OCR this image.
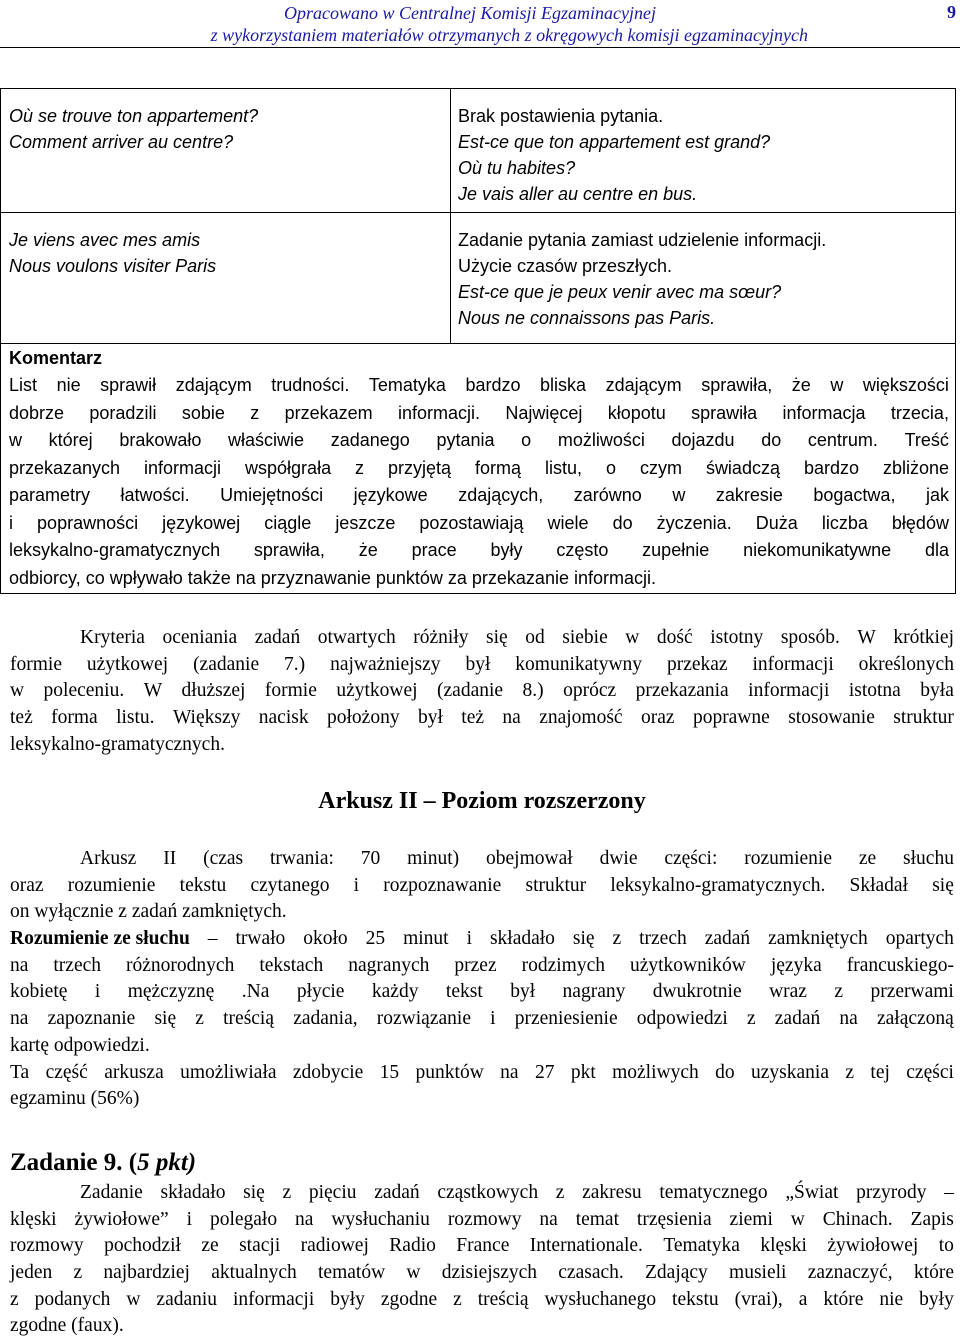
Opracowano w Centralnej Komisji Egzaminacyjnej
z wykorzystaniem materiałów otrzymanych z okręgowych komisji egzaminacyjnych
9
Où se trouve ton appartement?
Comment arriver au centre?
Brak postawienia pytania.
Est-ce que ton appartement est grand?
Où tu habites?
Je vais aller au centre en bus.
Je viens avec mes amis
Nous voulons visiter Paris
Zadanie pytania zamiast udzielenie informacji.
Użycie czasów przeszłych.
Est-ce que je peux venir avec ma sœur?
Nous ne connaissons pas Paris.
Komentarz
List nie sprawił zdającym trudności. Tematyka bardzo bliska zdającym sprawiła, że w większości
dobrze poradzili sobie z przekazem informacji. Najwięcej kłopotu sprawiła informacja trzecia,
w której brakowało właściwie zadanego pytania o możliwości dojazdu do centrum. Treść
przekazanych informacji współgrała z przyjętą formą listu, o czym świadczą bardzo zbliżone
parametry łatwości. Umiejętności językowe zdających, zarówno w zakresie bogactwa, jak
i poprawności językowej ciągle jeszcze pozostawiają wiele do życzenia. Duża liczba błędów
leksykalno-gramatycznych sprawiła, że prace były często zupełnie niekomunikatywne dla
odbiorcy, co wpływało także na przyznawanie punktów za przekazanie informacji.
Kryteria oceniania zadań otwartych różniły się od siebie w dość istotny sposób. W krótkiej
formie użytkowej (zadanie 7.) najważniejszy był komunikatywny przekaz informacji określonych
w poleceniu. W dłuższej formie użytkowej (zadanie 8.) oprócz przekazania informacji istotna była
też forma listu. Większy nacisk położony był też na znajomość oraz poprawne stosowanie struktur
leksykalno-gramatycznych.
Arkusz II – Poziom rozszerzony
Arkusz II (czas trwania: 70 minut) obejmował dwie części: rozumienie ze słuchu
oraz rozumienie tekstu czytanego i rozpoznawanie struktur leksykalno-gramatycznych. Składał się
on wyłącznie z zadań zamkniętych.
Rozumienie ze słuchu – trwało około 25 minut i składało się z trzech zadań zamkniętych opartych
na trzech różnorodnych tekstach nagranych przez rodzimych użytkowników języka francuskiego-
kobietę i mężczyznę .Na płycie każdy tekst był nagrany dwukrotnie wraz z przerwami
na zapoznanie się z treścią zadania, rozwiązanie i przeniesienie odpowiedzi z zadań na załączoną
kartę odpowiedzi.
Ta część arkusza umożliwiała zdobycie 15 punktów na 27 pkt możliwych do uzyskania z tej części
egzaminu (56%)
Zadanie 9. (5 pkt)
Zadanie składało się z pięciu zadań cząstkowych z zakresu tematycznego „Świat przyrody –
klęski żywiołowe” i polegało na wysłuchaniu rozmowy na temat trzęsienia ziemi w Chinach. Zapis
rozmowy pochodził ze stacji radiowej Radio France Internationale. Tematyka klęski żywiołowej to
jeden z najbardziej aktualnych tematów w dzisiejszych czasach. Zdający musieli zaznaczyć, które
z podanych w zadaniu informacji były zgodne z treścią wysłuchanego tekstu (vrai), a które nie były
zgodne (faux).
